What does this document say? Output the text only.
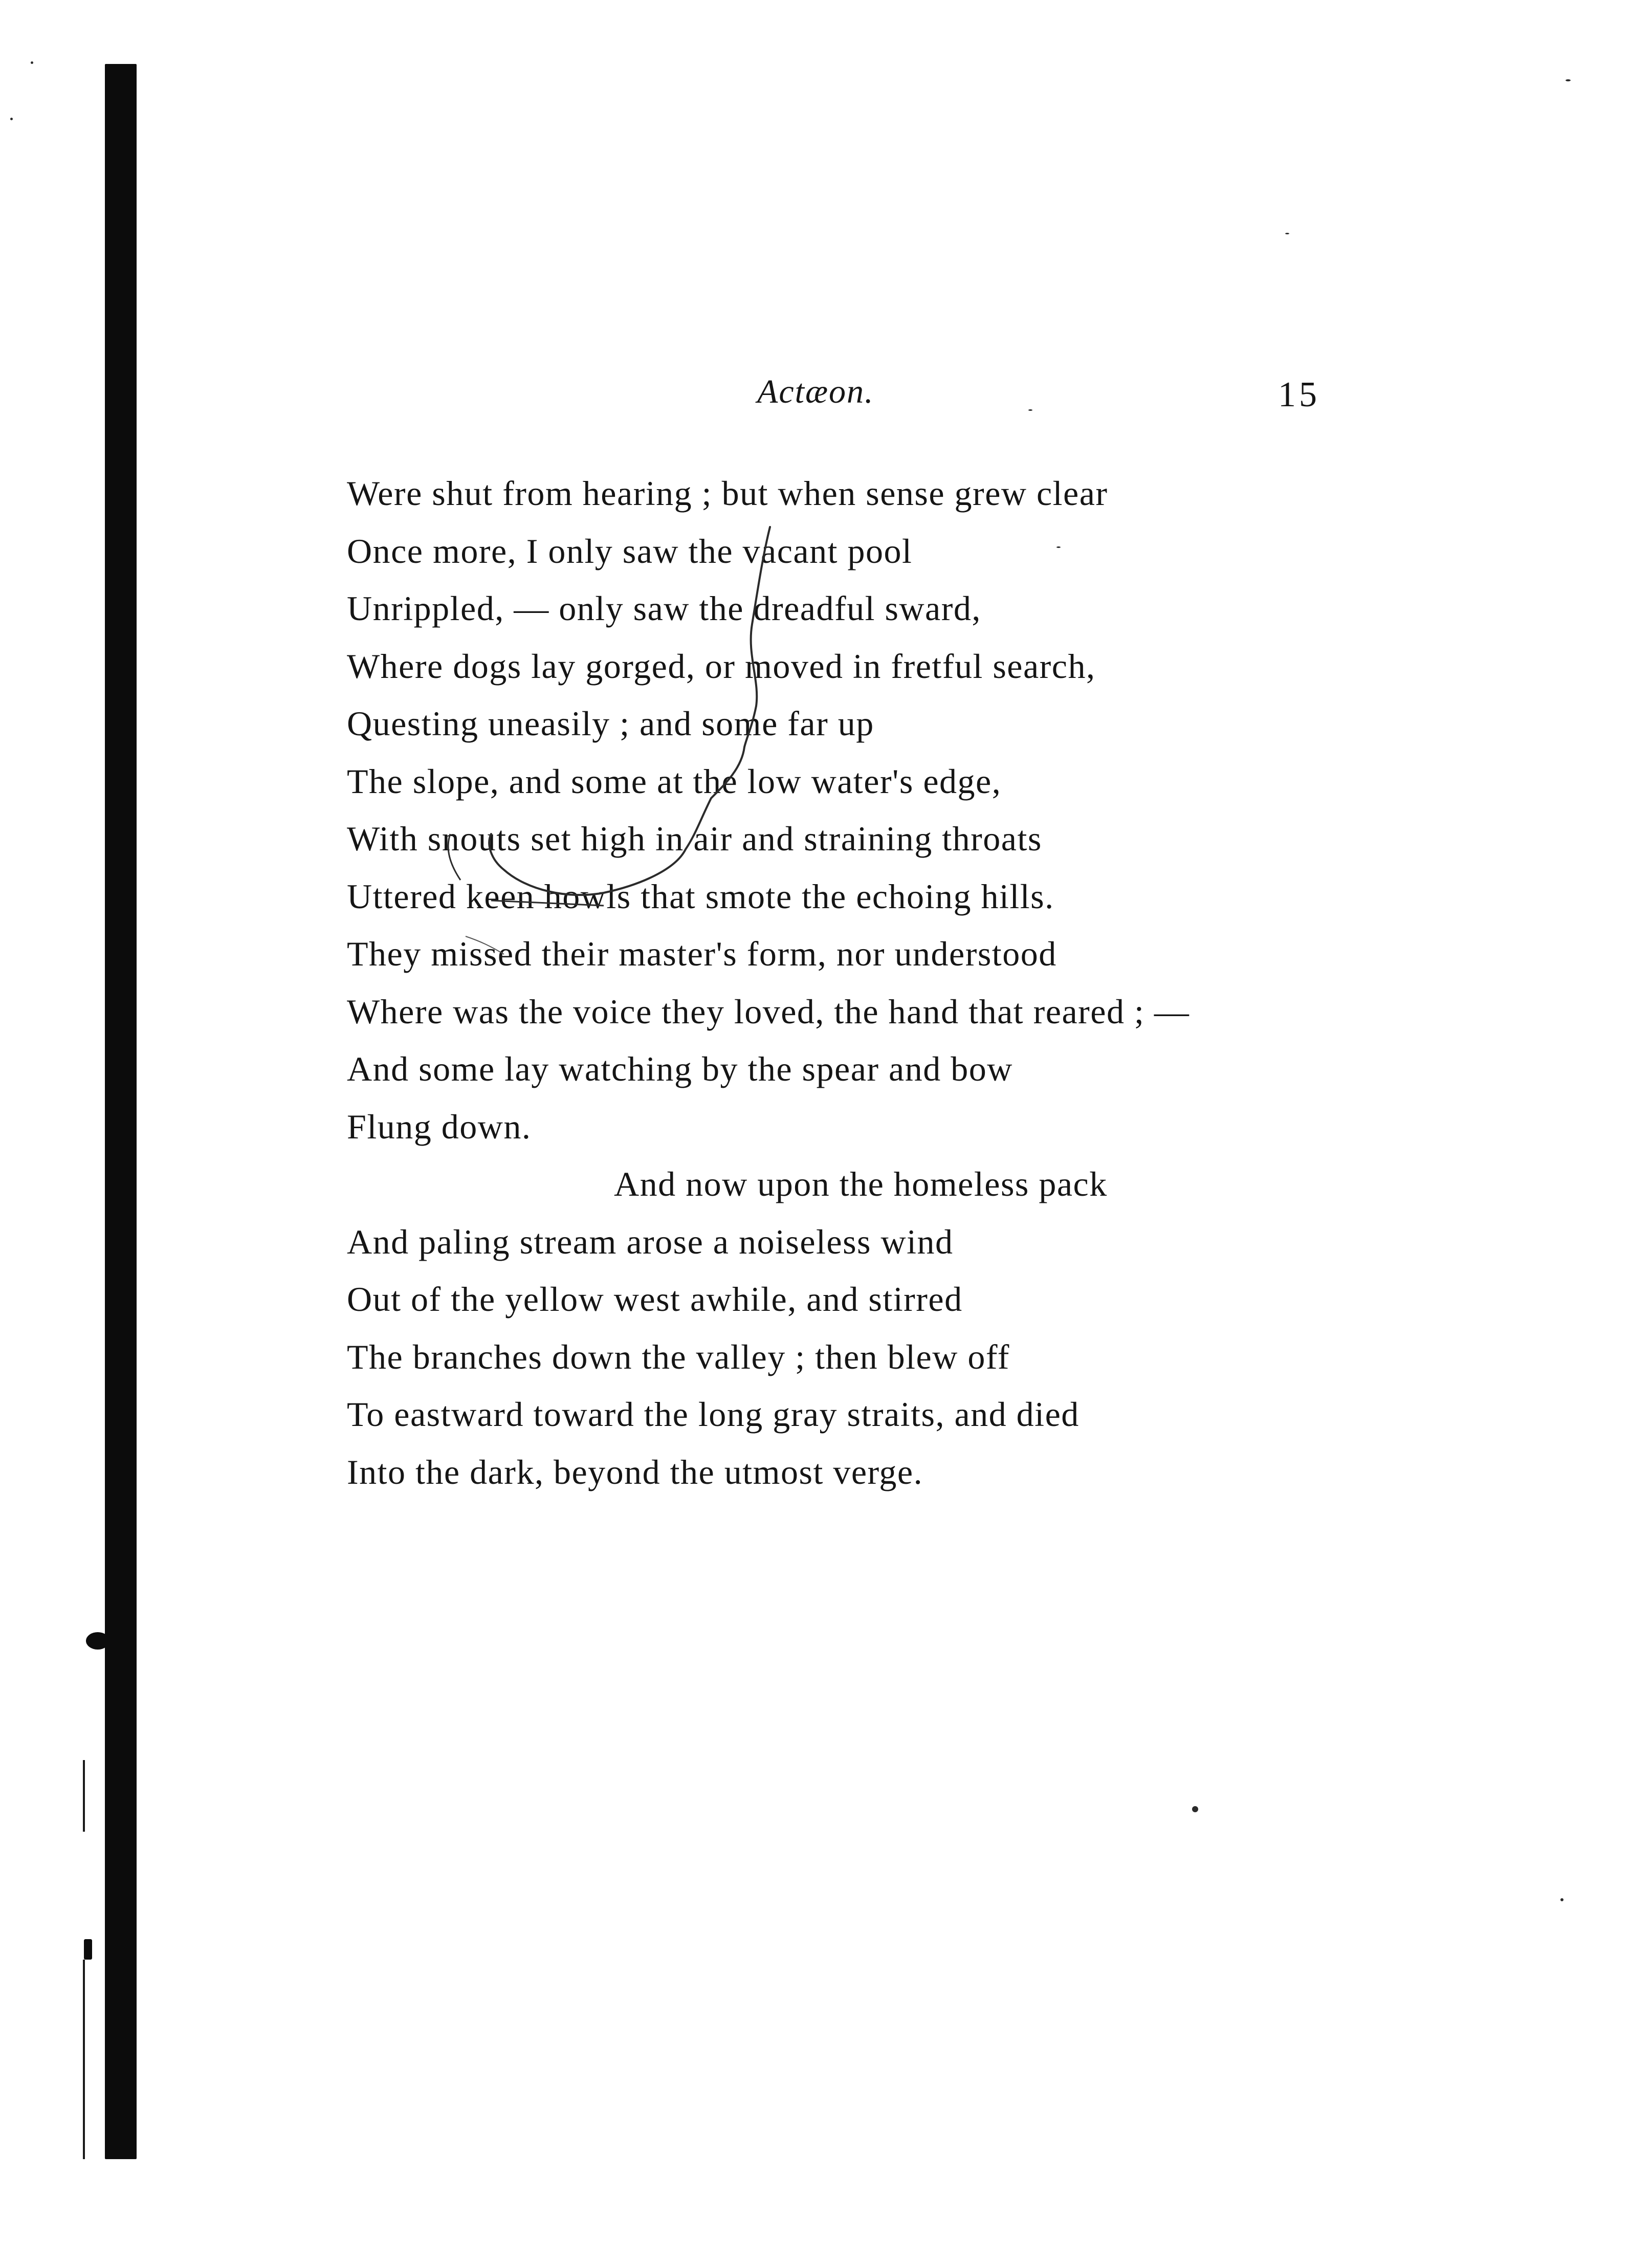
Actæon.	15
Were shut from hearing ; but when sense grew clear
Once more, I only saw the vacant pool
Unrippled, — only saw the dreadful sward,
Where dogs lay gorged, or moved in fretful search,
Questing uneasily ; and some far up
The slope, and some at the low water's edge,
With snouts set high in air and straining throats
Uttered keen howls that smote the echoing hills.
They missed their master's form, nor understood
Where was the voice they loved, the hand that reared ; —
And some lay watching by the spear and bow
Flung down.
And now upon the homeless pack
And paling stream arose a noiseless wind
Out of the yellow west awhile, and stirred
The branches down the valley ; then blew off
To eastward toward the long gray straits, and died
Into the dark, beyond the utmost verge.
